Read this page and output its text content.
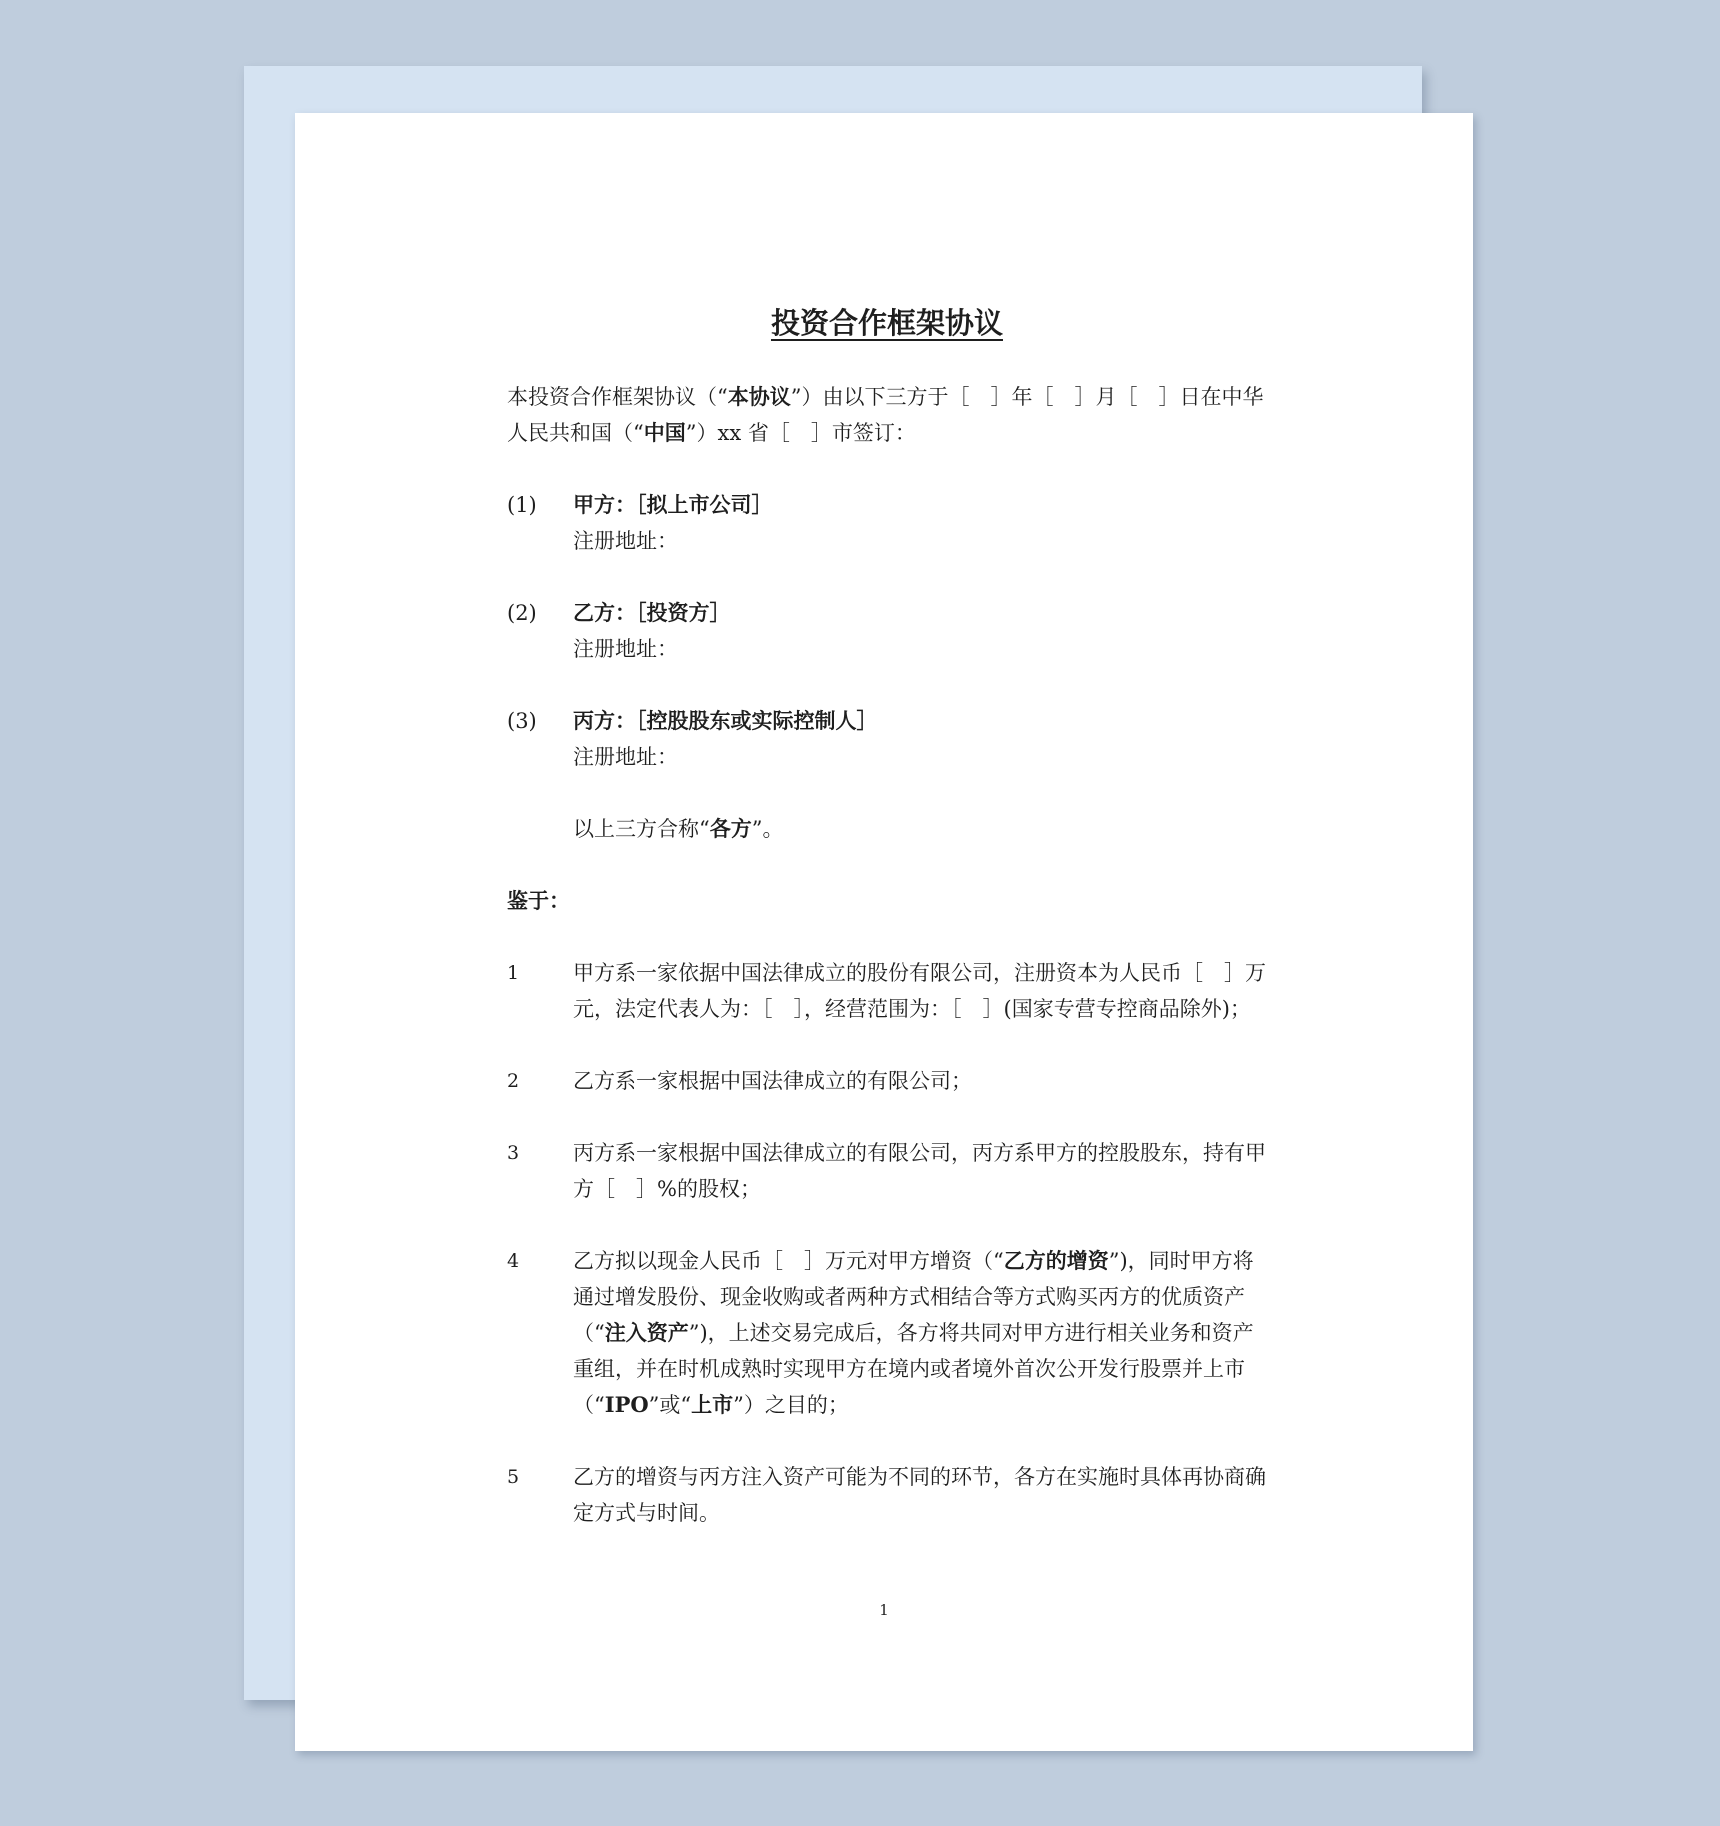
投资合作框架协议

本投资合作框架协议（“本协议”）由以下三方于［　］年［　］月［　］日在中华人民共和国（“中国”）xx 省［　］市签订：

(1)	甲方：［拟上市公司］
注册地址：
(2)	乙方：［投资方］
注册地址：
(3)	丙方：［控股股东或实际控制人］
注册地址：
以上三方合称“各方”。
鉴于：
1	甲方系一家依据中国法律成立的股份有限公司，注册资本为人民币［　］万元，法定代表人为：［　］，经营范围为：［　］(国家专营专控商品除外)；
2	乙方系一家根据中国法律成立的有限公司；
3	丙方系一家根据中国法律成立的有限公司，丙方系甲方的控股股东，持有甲方［　］%的股权；
4	乙方拟以现金人民币［　］万元对甲方增资（“乙方的增资”)，同时甲方将通过增发股份、现金收购或者两种方式相结合等方式购买丙方的优质资产（“注入资产”)，上述交易完成后，各方将共同对甲方进行相关业务和资产重组，并在时机成熟时实现甲方在境内或者境外首次公开发行股票并上市（“IPO”或“上市”）之目的；
5	乙方的增资与丙方注入资产可能为不同的环节，各方在实施时具体再协商确定方式与时间。
1
